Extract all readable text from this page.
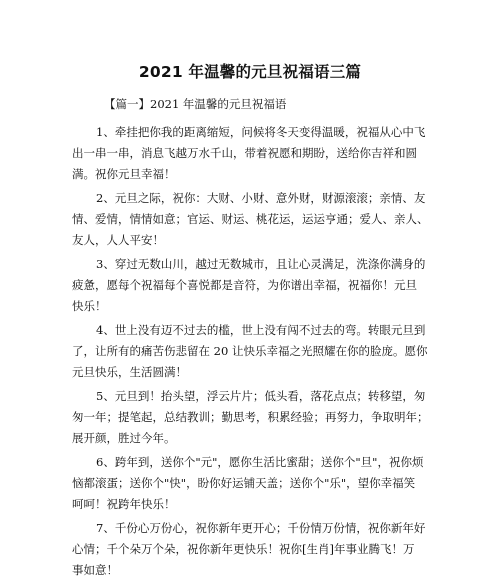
2021 年温馨的元旦祝福语三篇
【篇一】2021 年温馨的元旦祝福语
1、牵挂把你我的距离缩短，问候将冬天变得温暖，祝福从心中飞
出一串一串，消息飞越万水千山，带着祝愿和期盼，送给你吉祥和圆
满。祝你元旦幸福！
2、元旦之际，祝你：大财、小财、意外财，财源滚滚；亲情、友
情、爱情，情情如意；官运、财运、桃花运，运运亨通；爱人、亲人、
友人，人人平安！
3、穿过无数山川，越过无数城市，且让心灵满足，洗涤你满身的
疲惫，愿每个祝福每个喜悦都是音符，为你谱出幸福，祝福你！元旦
快乐！
4、世上没有迈不过去的槛，世上没有闯不过去的弯。转眼元旦到
了，让所有的痛苦伤悲留在 20 让快乐幸福之光照耀在你的脸庞。愿你
元旦快乐，生活圆满！
5、元旦到！抬头望，浮云片片；低头看，落花点点；转移望，匆
匆一年；提笔起，总结教训；勤思考，积累经验；再努力，争取明年；
展开颜，胜过今年。
6、跨年到，送你个"元"，愿你生活比蜜甜；送你个"旦"，祝你烦
恼都滚蛋；送你个"快"，盼你好运铺天盖；送你个"乐"，望你幸福笑
呵呵！祝跨年快乐！
7、千份心万份心，祝你新年更开心；千份情万份情，祝你新年好
心情；千个朵万个朵，祝你新年更快乐！祝你[生肖]年事业腾飞！万
事如意！
